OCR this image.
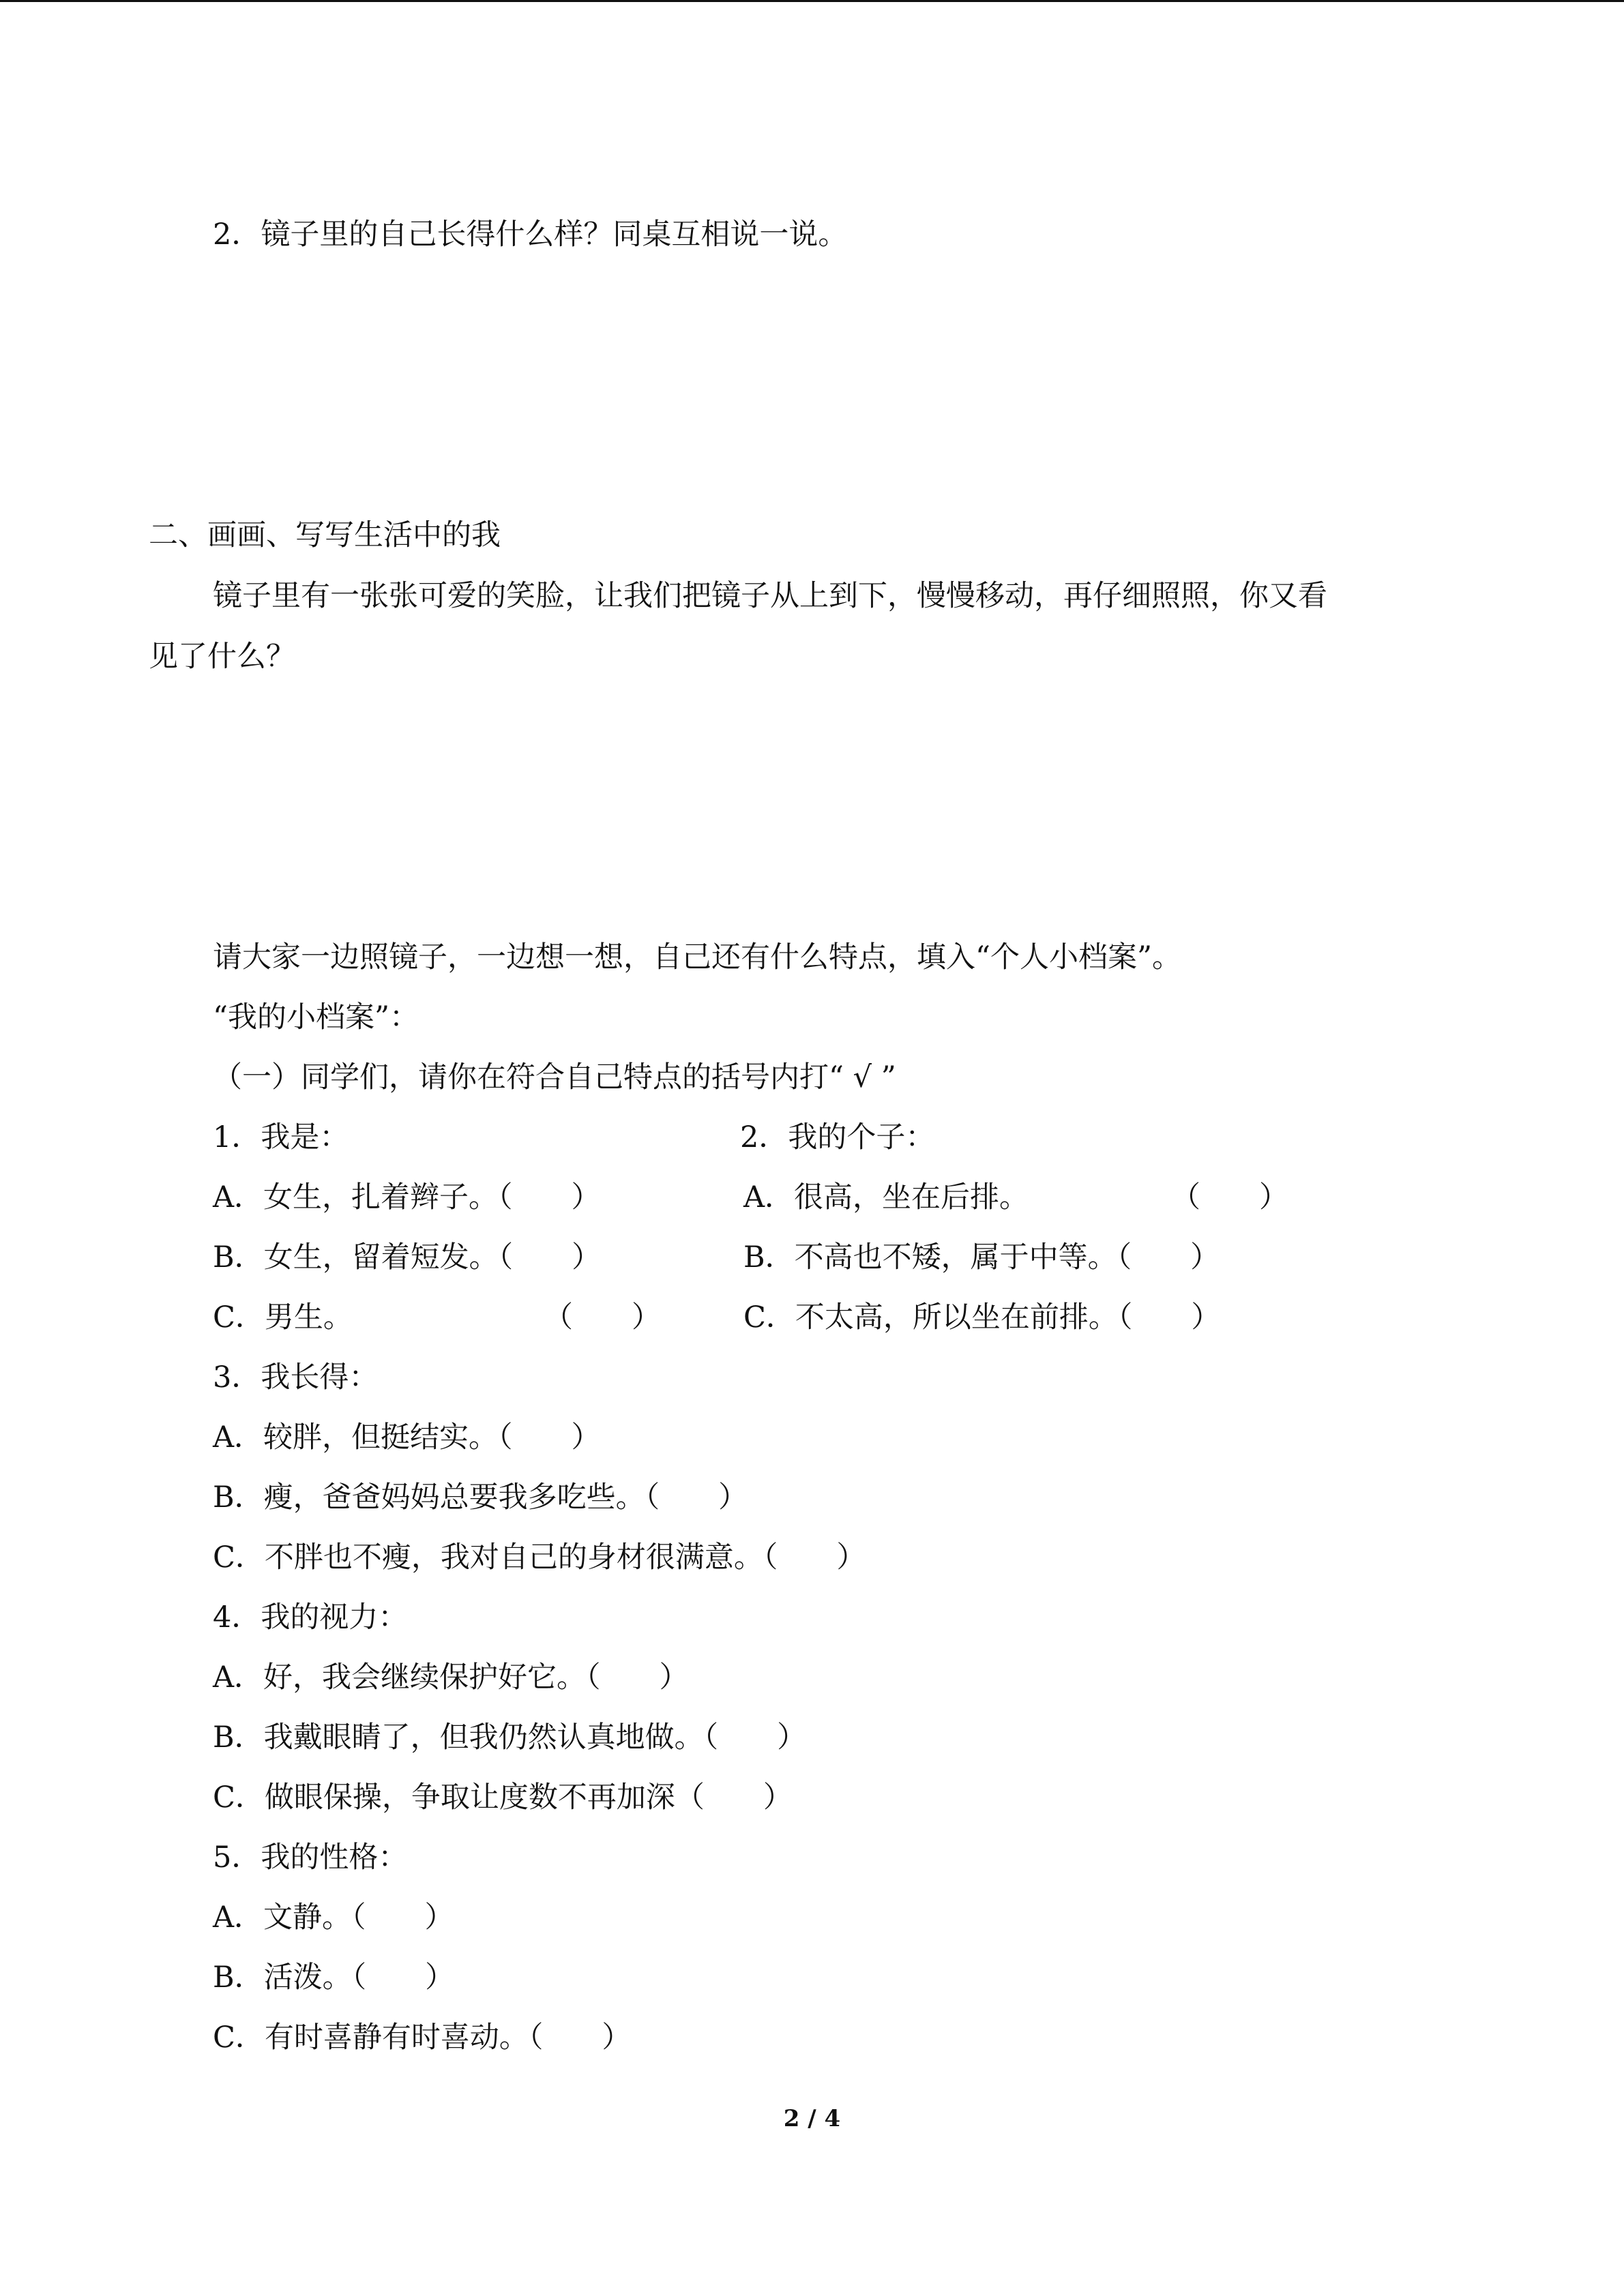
2．镜子里的自己长得什么样？同桌互相说一说。
二、画画、写写生活中的我
镜子里有一张张可爱的笑脸，让我们把镜子从上到下，慢慢移动，再仔细照照，你又看
见了什么？
请大家一边照镜子，一边想一想，自己还有什么特点，填入“个人小档案”。
“我的小档案”：
（一）同学们，请你在符合自己特点的括号内打“ √ ”
1．我是：
A．女生，扎着辫子。（　　）
B．女生，留着短发。（　　）
C．男生。	（　　）
2．我的个子：
A．很高，坐在后排。	（　　）
B．不高也不矮，属于中等。（　　）
C．不太高，所以坐在前排。（　　）
3．我长得：
A．较胖，但挺结实。（　　）
B．瘦，爸爸妈妈总要我多吃些。（　　）
C．不胖也不瘦，我对自己的身材很满意。（　　）
4．我的视力：
A．好，我会继续保护好它。（　　）
B．我戴眼睛了，但我仍然认真地做。（　　）
C．做眼保操，争取让度数不再加深（　　）
5．我的性格：
A．文静。（　　）
B．活泼。（　　）
C．有时喜静有时喜动。（　　）
2 / 4
